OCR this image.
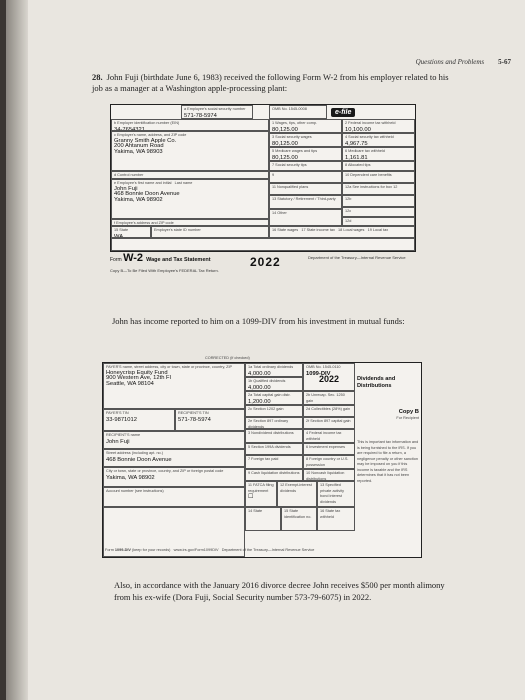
Questions and Problems 5-67
28. John Fuji (birthdate June 6, 1983) received the following Form W-2 from his employer related to his job as a manager at a Washington apple-processing plant:
a Employee's social security number
571-78-5974
b Employer identification number (EIN)
34-7654321
c Employer's name, address, and ZIP code
Granny Smith Apple Co.
200 Ahtanum Road
Yakima, WA 98903
d Control number
e Employee's first name and initial   Last name
John Fuji
468 Bonnie Doon Avenue
Yakima, WA 98902
f Employee's address and ZIP code
15 State
WA
Employer's state ID number	16 State wages   17 State income tax   18 Local wages   19 Local tax
OMB No. 1545-0008	e-file
1 Wages, tips, other comp.
80,125.00
2 Federal income tax withheld
10,100.00
3 Social security wages
80,125.00
4 Social security tax withheld
4,967.75
5 Medicare wages and tips
80,125.00
6 Medicare tax withheld
1,161.81
7 Social security tips	8 Allocated tips
9	10 Dependent care benefits
11 Nonqualified plans	12a See instructions for box 12
13 Statutory / Retirement / Third-party	12b
14 Other	12c
12d
Form W-2 Wage and Tax Statement	2022
Copy B—To Be Filed With Employee's FEDERAL Tax Return.
Department of the Treasury—Internal Revenue Service
John has income reported to him on a 1099-DIV from his investment in mutual funds:
CORRECTED (if checked)
PAYER'S name, street address, city or town, state or province, country, ZIP
Honeycrisp Equity Fund
900 Western Ave, 12th Fl
Seattle, WA 98104
PAYER'S TIN
33-9871012
RECIPIENT'S TIN
571-78-5974
RECIPIENT'S name
John Fuji
Street address (including apt. no.)
468 Bonnie Doon Avenue
City or town, state or province, country, and ZIP or foreign postal code
Yakima, WA 98902
Account number (see instructions)
1a Total ordinary dividends
4,000.00
OMB No. 1545-0110
1099-DIV
2022
1b Qualified dividends
4,000.00
2a Total capital gain distr.
1,200.00
2b Unrecap. Sec. 1250 gain
2c Section 1202 gain	2d Collectibles (28%) gain
2e Section 897 ordinary dividends
2f Section 897 capital gain
3 Nondividend distributions	4 Federal income tax withheld
5 Section 199A dividends	6 Investment expenses
7 Foreign tax paid	8 Foreign country or U.S. possession
9 Cash liquidation distributions 10 Noncash liquidation distributions
11 FATCA filing requirement
☐
12 Exempt-interest dividends
13 Specified private activity bond interest dividends
14 State	15 State identification no.
16 State tax withheld
Dividends and Distributions
Copy B
For Recipient
This is important tax information and is being furnished to the IRS. If you are required to file a return, a negligence penalty or other sanction may be imposed on you if this income is taxable and the IRS determines that it has not been reported.
Form 1099-DIV (keep for your records)   www.irs.gov/Form1099DIV   Department of the Treasury—Internal Revenue Service
Also, in accordance with the January 2016 divorce decree John receives $500 per month alimony from his ex-wife (Dora Fuji, Social Security number 573-79-6075) in 2022.
